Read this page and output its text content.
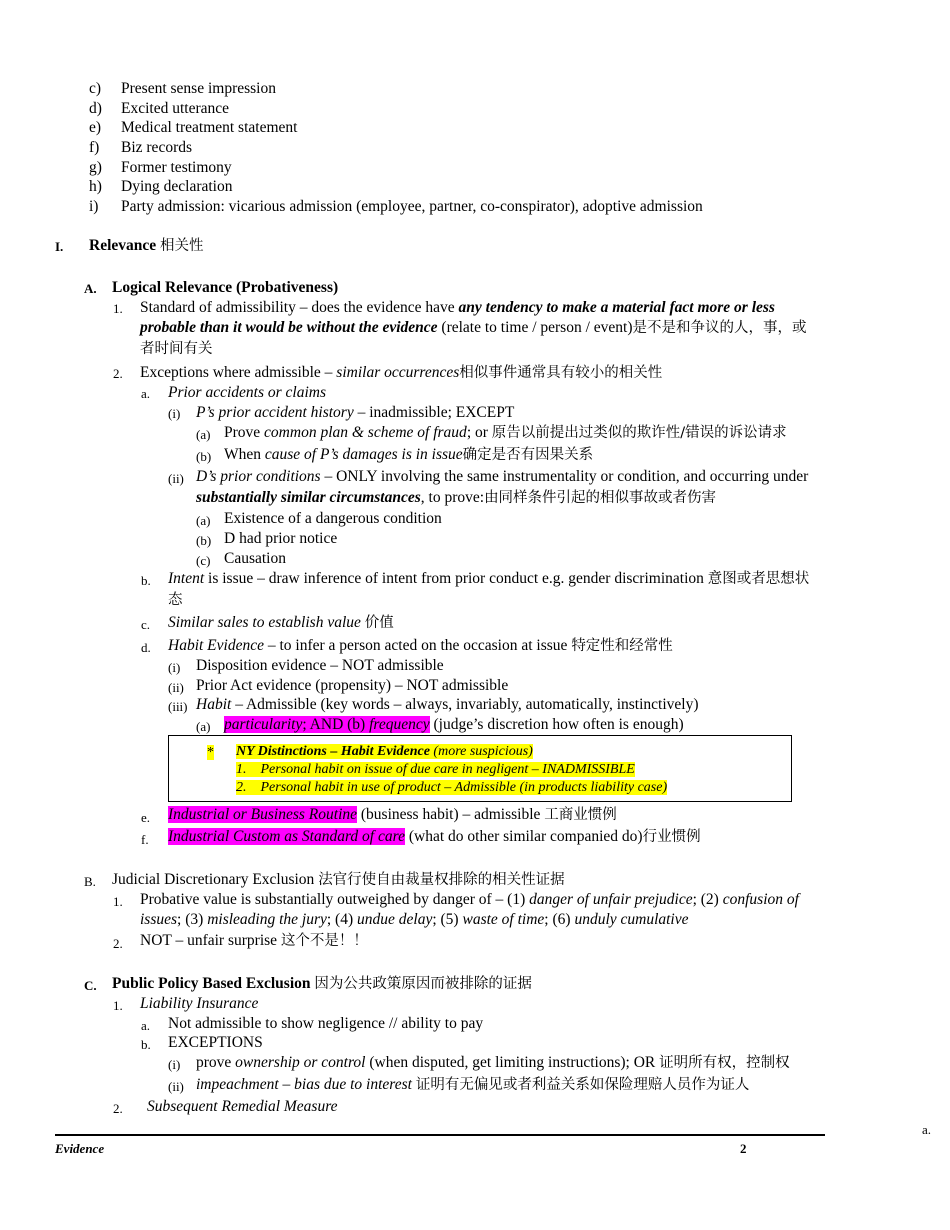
c) Present sense impression
d) Excited utterance
e) Medical treatment statement
f) Biz records
g) Former testimony
h) Dying declaration
i) Party admission: vicarious admission (employee, partner, co-conspirator), adoptive admission
I. Relevance 相关性
A. Logical Relevance (Probativeness)
1. Standard of admissibility – does the evidence have any tendency to make a material fact more or less
probable than it would be without the evidence (relate to time / person / event)是不是和争议的人，事，或
者时间有关
2. Exceptions where admissible – similar occurrences相似事件通常具有较小的相关性
a. Prior accidents or claims
(i) P’s prior accident history – inadmissible; EXCEPT
(a) Prove common plan & scheme of fraud; or 原告以前提出过类似的欺诈性/错误的诉讼请求
(b) When cause of P’s damages is in issue确定是否有因果关系
(ii) D’s prior conditions – ONLY involving the same instrumentality or condition, and occurring under
substantially similar circumstances, to prove:由同样条件引起的相似事故或者伤害
(a) Existence of a dangerous condition
(b) D had prior notice
(c) Causation
b. Intent is issue – draw inference of intent from prior conduct e.g. gender discrimination 意图或者思想状
态
c. Similar sales to establish value 价值
d. Habit Evidence – to infer a person acted on the occasion at issue 特定性和经常性
(i) Disposition evidence – NOT admissible
(ii) Prior Act evidence (propensity) – NOT admissible
(iii) Habit – Admissible (key words – always, invariably, automatically, instinctively)
(a) particularity; AND (b) frequency (judge’s discretion how often is enough)
* NY Distinctions – Habit Evidence (more suspicious)
1. Personal habit on issue of due care in negligent – INADMISSIBLE
2. Personal habit in use of product – Admissible (in products liability case)
e. Industrial or Business Routine (business habit) – admissible 工商业惯例
f. Industrial Custom as Standard of care (what do other similar companied do)行业惯例
B. Judicial Discretionary Exclusion 法官行使自由裁量权排除的相关性证据
1. Probative value is substantially outweighed by danger of – (1) danger of unfair prejudice; (2) confusion of
issues; (3) misleading the jury; (4) undue delay; (5) waste of time; (6) unduly cumulative
2. NOT – unfair surprise 这个不是！！
C. Public Policy Based Exclusion 因为公共政策原因而被排除的证据
1. Liability Insurance
a. Not admissible to show negligence // ability to pay
b. EXCEPTIONS
(i) prove ownership or control (when disputed, get limiting instructions); OR 证明所有权，控制权
(ii) impeachment – bias due to interest 证明有无偏见或者利益关系如保险理赔人员作为证人
2. Subsequent Remedial Measure
a.
Evidence	2
